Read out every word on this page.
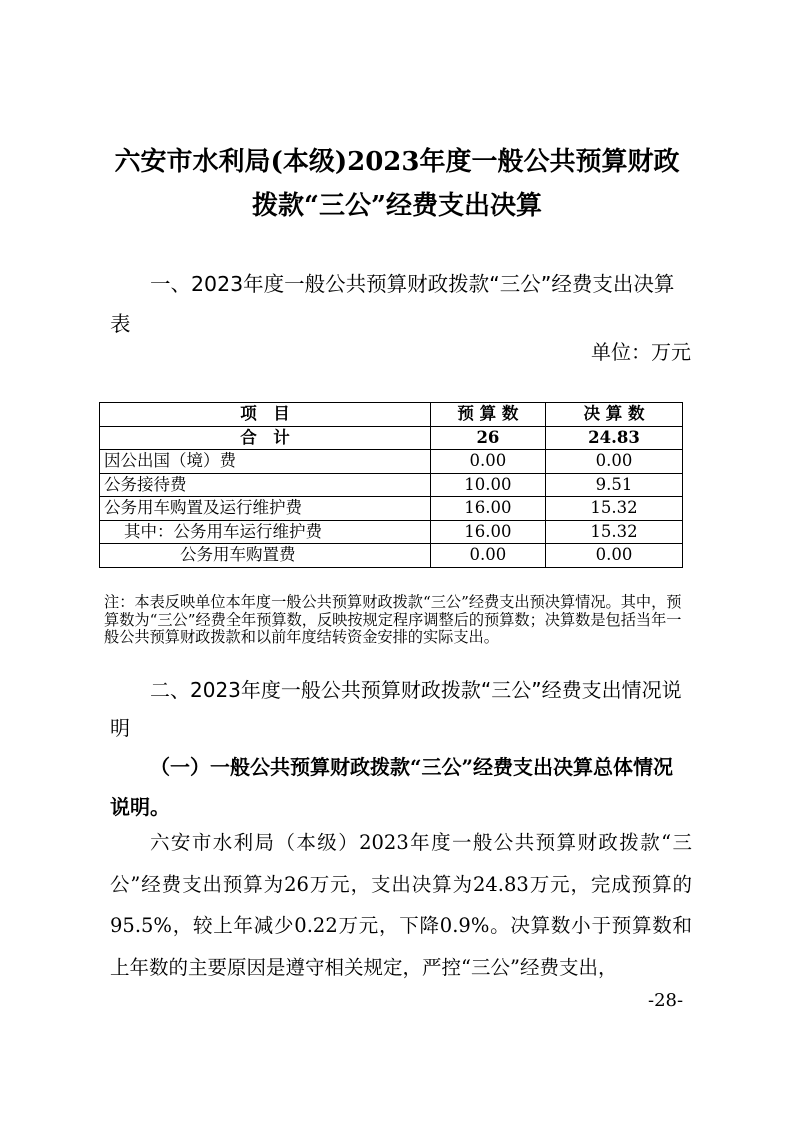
六安市水利局(本级)2023年度一般公共预算财政拨款“三公”经费支出决算
一、2023年度一般公共预算财政拨款“三公”经费支出决算表
单位：万元
项　目	预 算 数	决 算 数
合　计	26	24.83
因公出国（境）费	0.00	0.00
公务接待费	10.00	9.51
公务用车购置及运行维护费	16.00	15.32
其中：公务用车运行维护费	16.00	15.32
公务用车购置费	0.00	0.00
注：本表反映单位本年度一般公共预算财政拨款“三公”经费支出预决算情况。其中，预算数为“三公”经费全年预算数，反映按规定程序调整后的预算数；决算数是包括当年一般公共预算财政拨款和以前年度结转资金安排的实际支出。
二、2023年度一般公共预算财政拨款“三公”经费支出情况说明
（一）一般公共预算财政拨款“三公”经费支出决算总体情况说明。
六安市水利局（本级）2023年度一般公共预算财政拨款“三公”经费支出预算为26万元，支出决算为24.83万元，完成预算的95.5%，较上年减少0.22万元，下降0.9%。决算数小于预算数和上年数的主要原因是遵守相关规定，严控“三公”经费支出，
-28-
